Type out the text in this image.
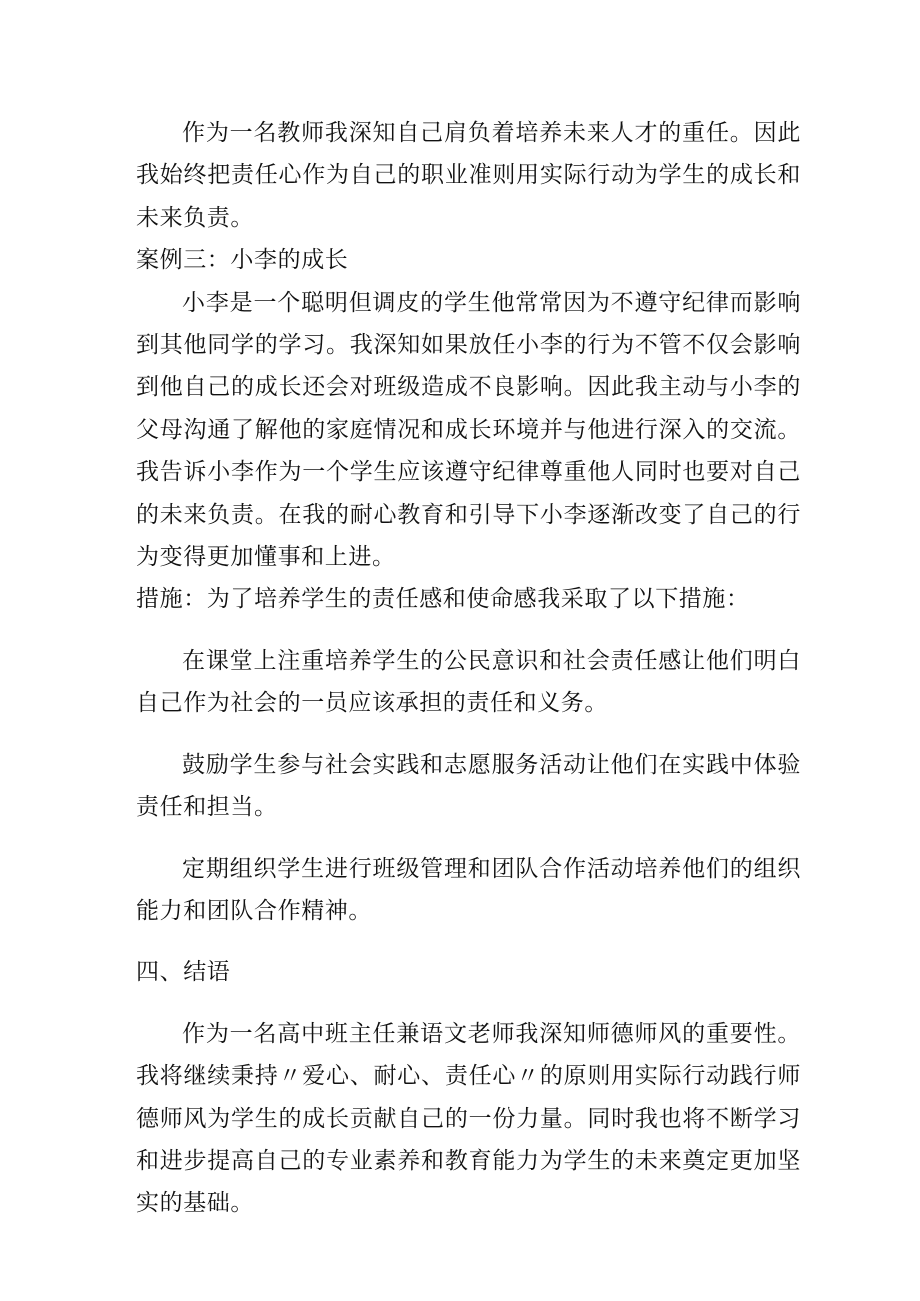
作为一名教师我深知自己肩负着培养未来人才的重任。因此我始终把责任心作为自己的职业准则用实际行动为学生的成长和未来负责。

案例三：小李的成长

小李是一个聪明但调皮的学生他常常因为不遵守纪律而影响到其他同学的学习。我深知如果放任小李的行为不管不仅会影响到他自己的成长还会对班级造成不良影响。因此我主动与小李的父母沟通了解他的家庭情况和成长环境并与他进行深入的交流。我告诉小李作为一个学生应该遵守纪律尊重他人同时也要对自己的未来负责。在我的耐心教育和引导下小李逐渐改变了自己的行为变得更加懂事和上进。

措施：为了培养学生的责任感和使命感我采取了以下措施：

在课堂上注重培养学生的公民意识和社会责任感让他们明白自己作为社会的一员应该承担的责任和义务。

鼓励学生参与社会实践和志愿服务活动让他们在实践中体验责任和担当。

定期组织学生进行班级管理和团队合作活动培养他们的组织能力和团队合作精神。

四、结语

作为一名高中班主任兼语文老师我深知师德师风的重要性。我将继续秉持〃爱心、耐心、责任心〃的原则用实际行动践行师德师风为学生的成长贡献自己的一份力量。同时我也将不断学习和进步提高自己的专业素养和教育能力为学生的未来奠定更加坚实的基础。
